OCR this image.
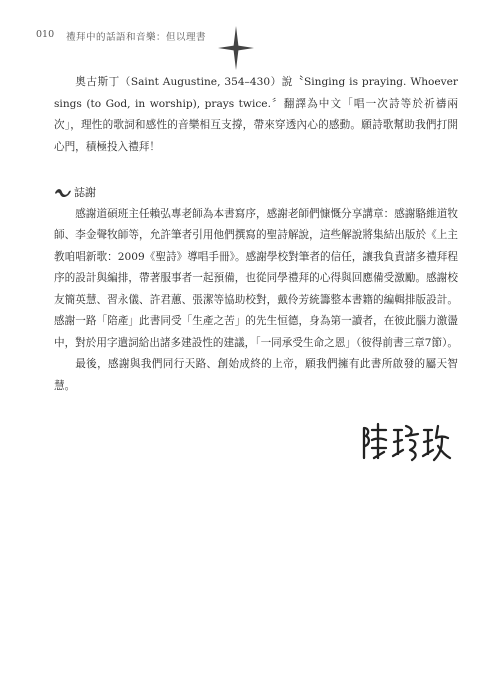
010 禮拜中的話語和音樂：但以理書

奧古斯丁（Saint Augustine, 354–430）說〝Singing is praying. Whoever sings (to God, in worship), prays twice.〞翻譯為中文「唱一次詩等於祈禱兩次」，理性的歌詞和感性的音樂相互支撐，帶來穿透內心的感動。願詩歌幫助我們打開心門，積極投入禮拜！

誌謝

感謝道碩班主任賴弘專老師為本書寫序，感謝老師們慷慨分享講章：感謝駱維道牧師、李金聲牧師等，允許筆者引用他們撰寫的聖詩解說，這些解說將集結出版於《上主教咱唱新歌：2009《聖詩》導唱手冊》。感謝學校對筆者的信任，讓我負責諸多禮拜程序的設計與編排，帶著服事者一起預備，也從同學禮拜的心得與回應備受激勵。感謝校友簡英慧、習永儀、許君蕙、張潔等協助校對，戴伶芳統籌整本書籍的編輯排版設計。感謝一路「陪產」此書同受「生產之苦」的先生恒德，身為第一讀者，在彼此腦力激盪中，對於用字遣詞給出諸多建設性的建議，「一同承受生命之恩」（彼得前書三章7節）。

最後，感謝與我們同行天路、創始成終的上帝，願我們擁有此書所啟發的屬天智慧。
